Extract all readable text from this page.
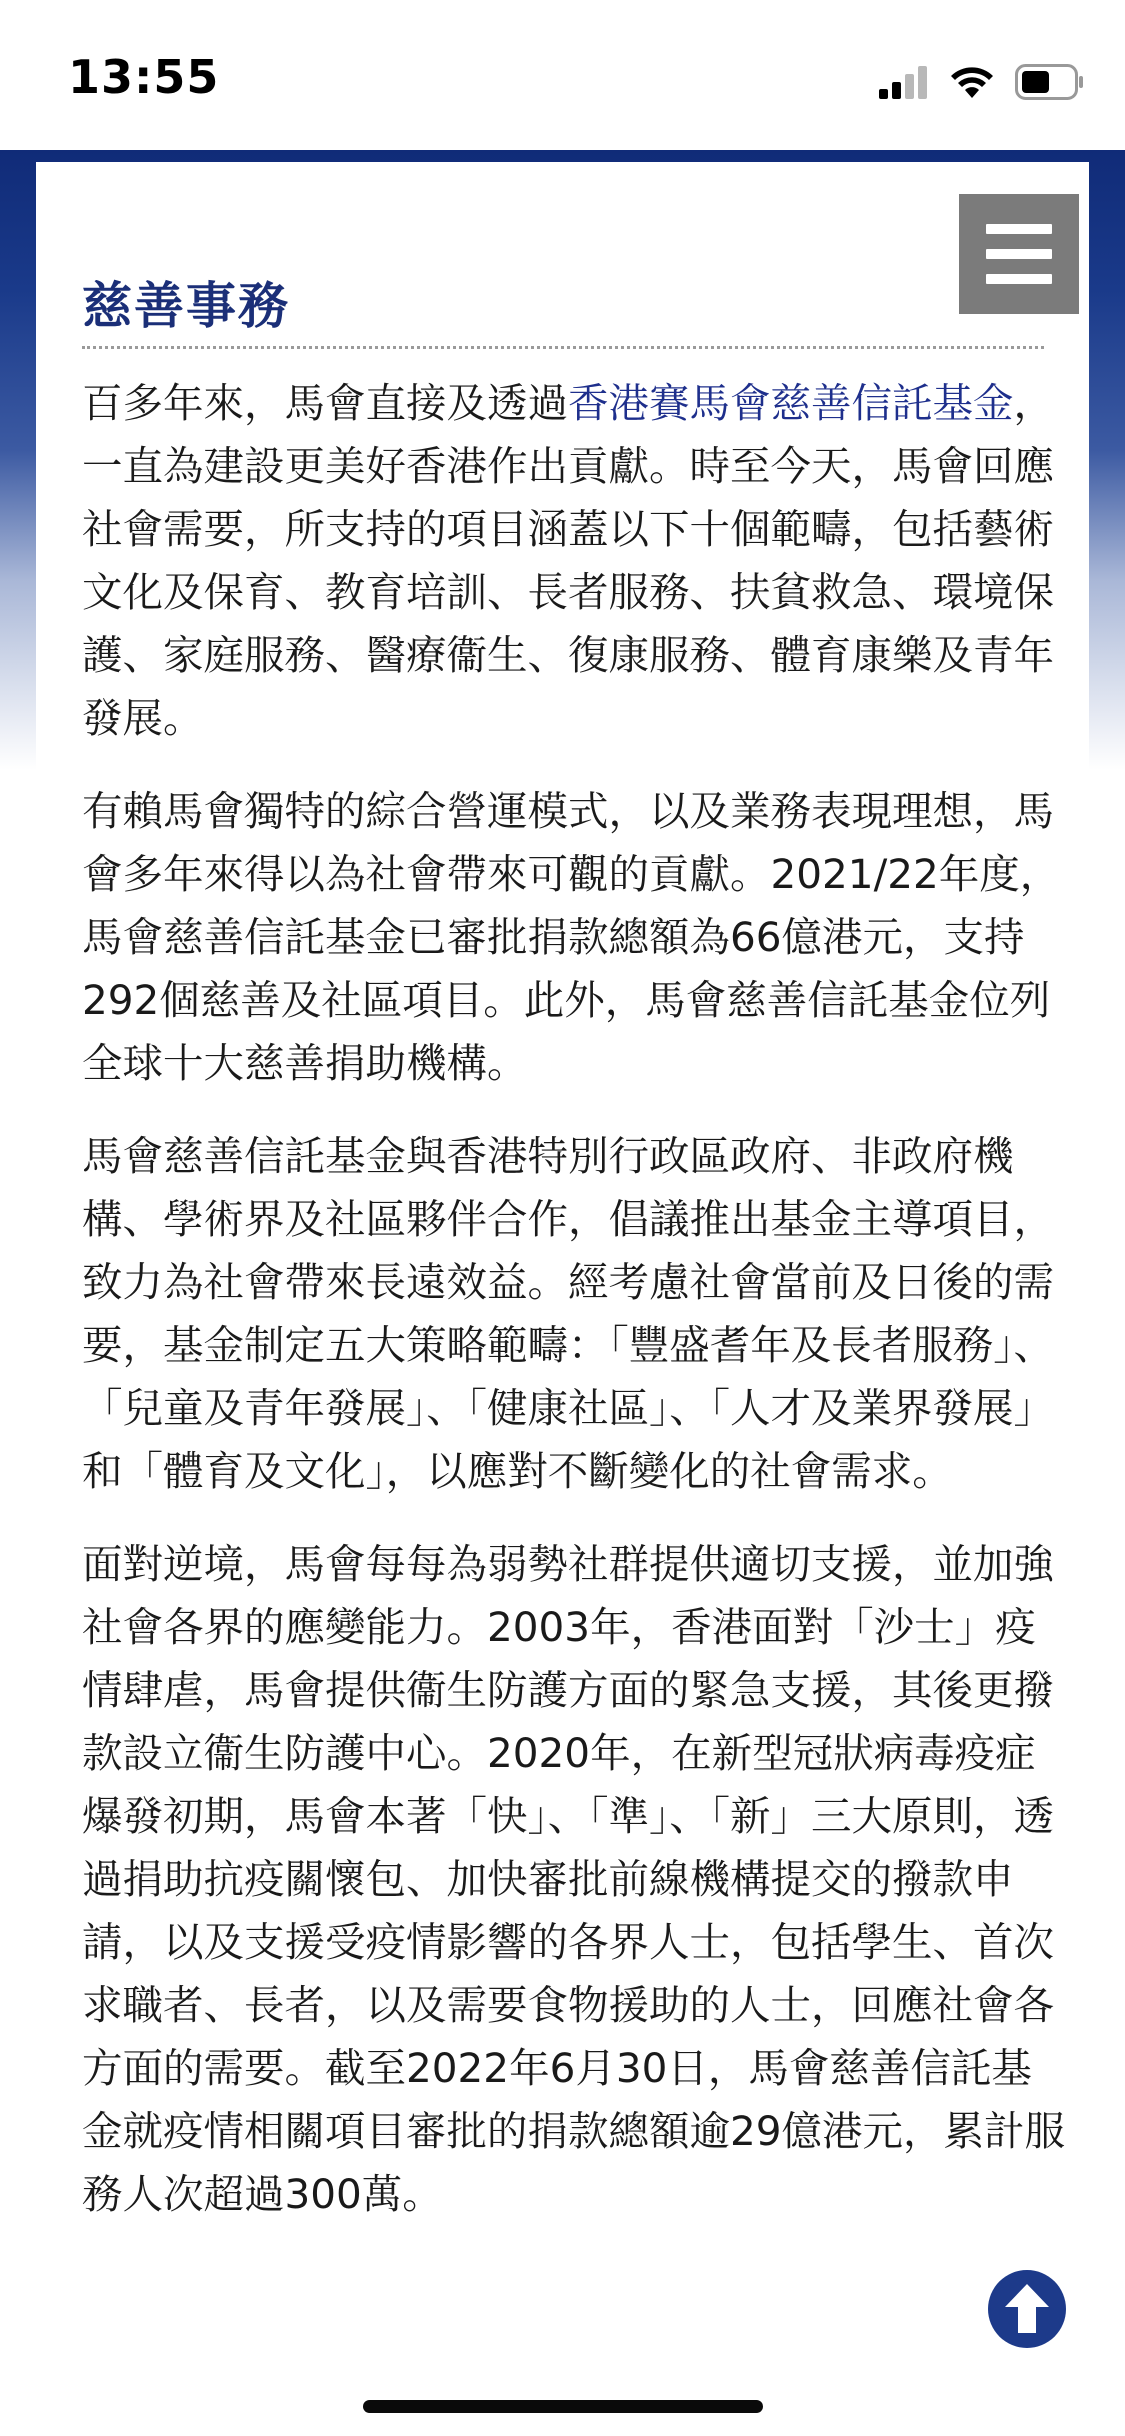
13:55
慈善事務

百多年來，馬會直接及透過香港賽馬會慈善信託基金，一直為建設更美好香港作出貢獻。時至今天，馬會回應社會需要，所支持的項目涵蓋以下十個範疇，包括藝術文化及保育、教育培訓、長者服務、扶貧救急、環境保護、家庭服務、醫療衞生、復康服務、體育康樂及青年發展。

有賴馬會獨特的綜合營運模式，以及業務表現理想，馬會多年來得以為社會帶來可觀的貢獻。2021/22年度，馬會慈善信託基金已審批捐款總額為66億港元，支持292個慈善及社區項目。此外，馬會慈善信託基金位列全球十大慈善捐助機構。

馬會慈善信託基金與香港特別行政區政府、非政府機構、學術界及社區夥伴合作，倡議推出基金主導項目，致力為社會帶來長遠效益。經考慮社會當前及日後的需要，基金制定五大策略範疇：「豐盛耆年及長者服務」、「兒童及青年發展」、「健康社區」、「人才及業界發展」和「體育及文化」，以應對不斷變化的社會需求。

面對逆境，馬會每每為弱勢社群提供適切支援，並加強社會各界的應變能力。2003年，香港面對「沙士」疫情肆虐，馬會提供衞生防護方面的緊急支援，其後更撥款設立衞生防護中心。2020年，在新型冠狀病毒疫症爆發初期，馬會本著「快」、「準」、「新」三大原則，透過捐助抗疫關懷包、加快審批前線機構提交的撥款申請，以及支援受疫情影響的各界人士，包括學生、首次求職者、長者，以及需要食物援助的人士，回應社會各方面的需要。截至2022年6月30日，馬會慈善信託基金就疫情相關項目審批的捐款總額逾29億港元，累計服務人次超過300萬。
